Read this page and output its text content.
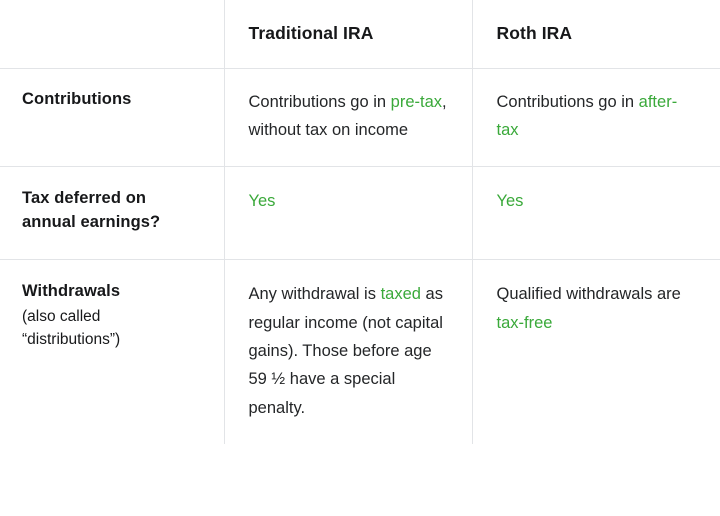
	Traditional IRA	Roth IRA

Contributions	Contributions go in pre-tax, without tax on income	Contributions go in after-tax

Tax deferred on
annual earnings?	Yes	Yes

Withdrawals
(also called “distributions”)	Any withdrawal is taxed as regular income (not capital gains). Those before age 59 ½ have a special penalty.	Qualified withdrawals are tax-free
